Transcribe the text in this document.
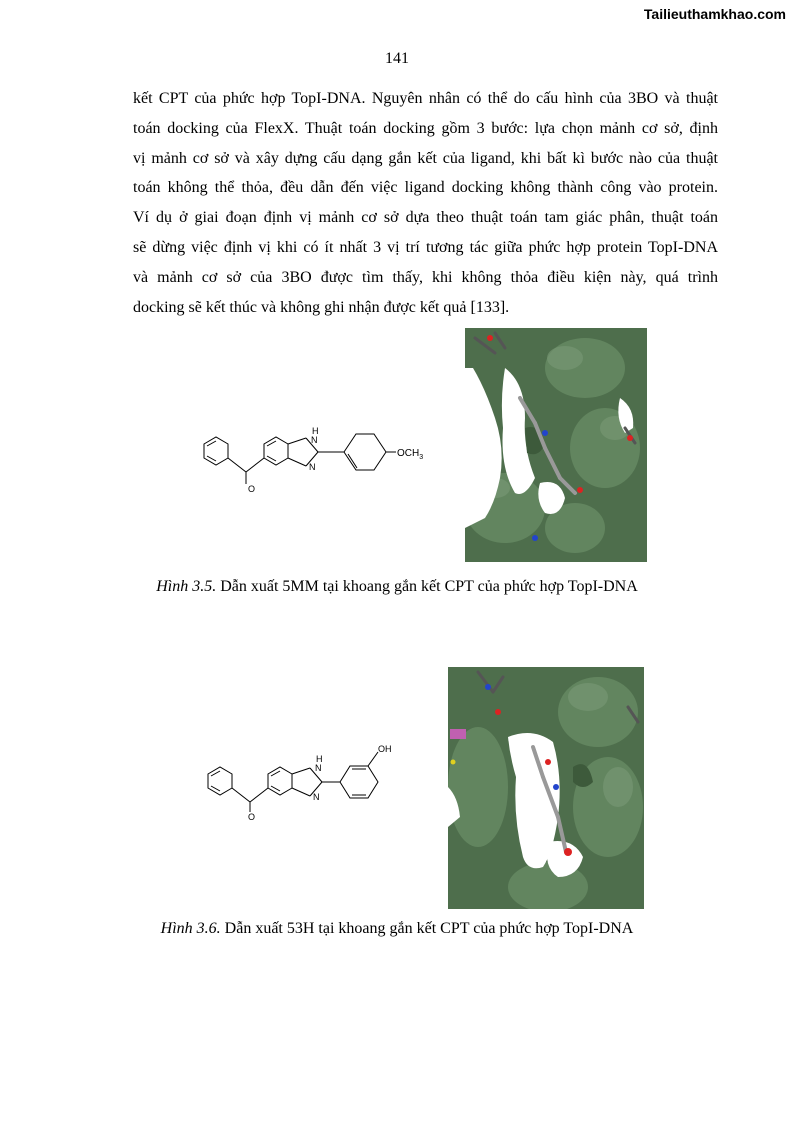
Tailieuthamkhao.com
141
kết CPT của phức hợp TopI-DNA. Nguyên nhân có thể do cấu hình của 3BO và thuật
toán docking của FlexX. Thuật toán docking gồm 3 bước: lựa chọn mảnh cơ sở, định
vị mảnh cơ sở và xây dựng cấu dạng gắn kết của ligand, khi bất kì bước nào của thuật
toán không thể thỏa, đều dẫn đến việc ligand docking không thành công vào protein.
Ví dụ ở giai đoạn định vị mảnh cơ sở dựa theo thuật toán tam giác phân, thuật toán
sẽ dừng việc định vị khi có ít nhất 3 vị trí tương tác giữa phức hợp protein TopI-DNA
và mảnh cơ sở của 3BO được tìm thấy, khi không thỏa điều kiện này, quá trình
docking sẽ kết thúc và không ghi nhận được kết quả [133].
H
N
N
O
$OCH_3$
Hình 3.5. Dẫn xuất 5MM tại khoang gắn kết CPT của phức hợp TopI-DNA
H
N
N
O
OH
Hình 3.6. Dẫn xuất 53H tại khoang gắn kết CPT của phức hợp TopI-DNA
